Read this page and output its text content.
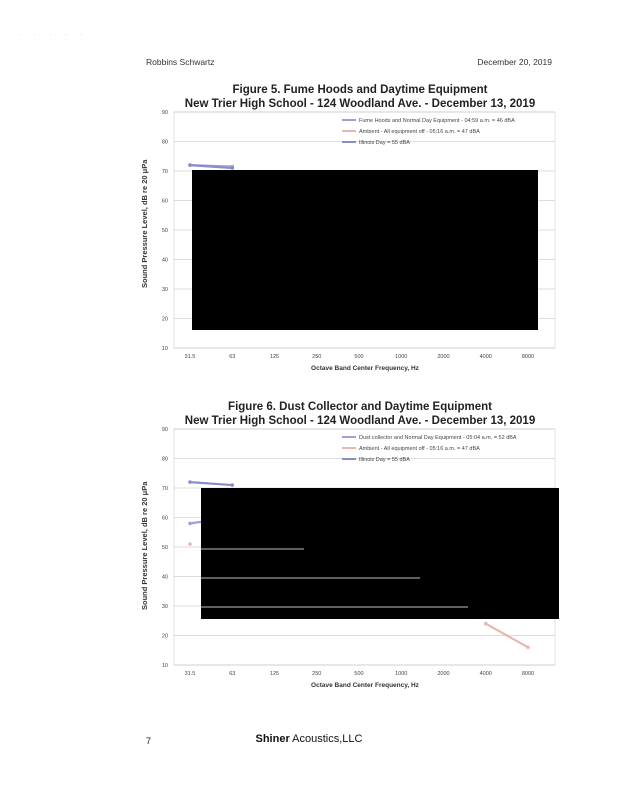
· · · · ·
Robbins Schwartz	December 20, 2019
Figure 5. Fume Hoods and Daytime Equipment
New Trier High School - 124 Woodland Ave. - December 13, 2019
Sound Pressure Level, dB re 20 μPa
10
20
30
40
50
60
70
80
90
31.5	63	125	250	500	1000	2000	4000	8000
Octave Band Center Frequency, Hz
Fume Hoods and Normal Day Equipment - 04:59 a.m. = 46 dBA
Ambient - All equipment off - 05:16 a.m. = 47 dBA
Illinois Day = 55 dBA
Figure 6. Dust Collector and Daytime Equipment
New Trier High School - 124 Woodland Ave. - December 13, 2019
Sound Pressure Level, dB re 20 μPa
10
20
30
40
50
60
70
80
90
31.5	63	125	250	500	1000	2000	4000	8000
Octave Band Center Frequency, Hz
Dust collector and Normal Day Equipment - 05:04 a.m. = 52 dBA
Ambient - All equipment off - 05:16 a.m. = 47 dBA
Illinois Day = 55 dBA
7	Shiner Acoustics,LLC
